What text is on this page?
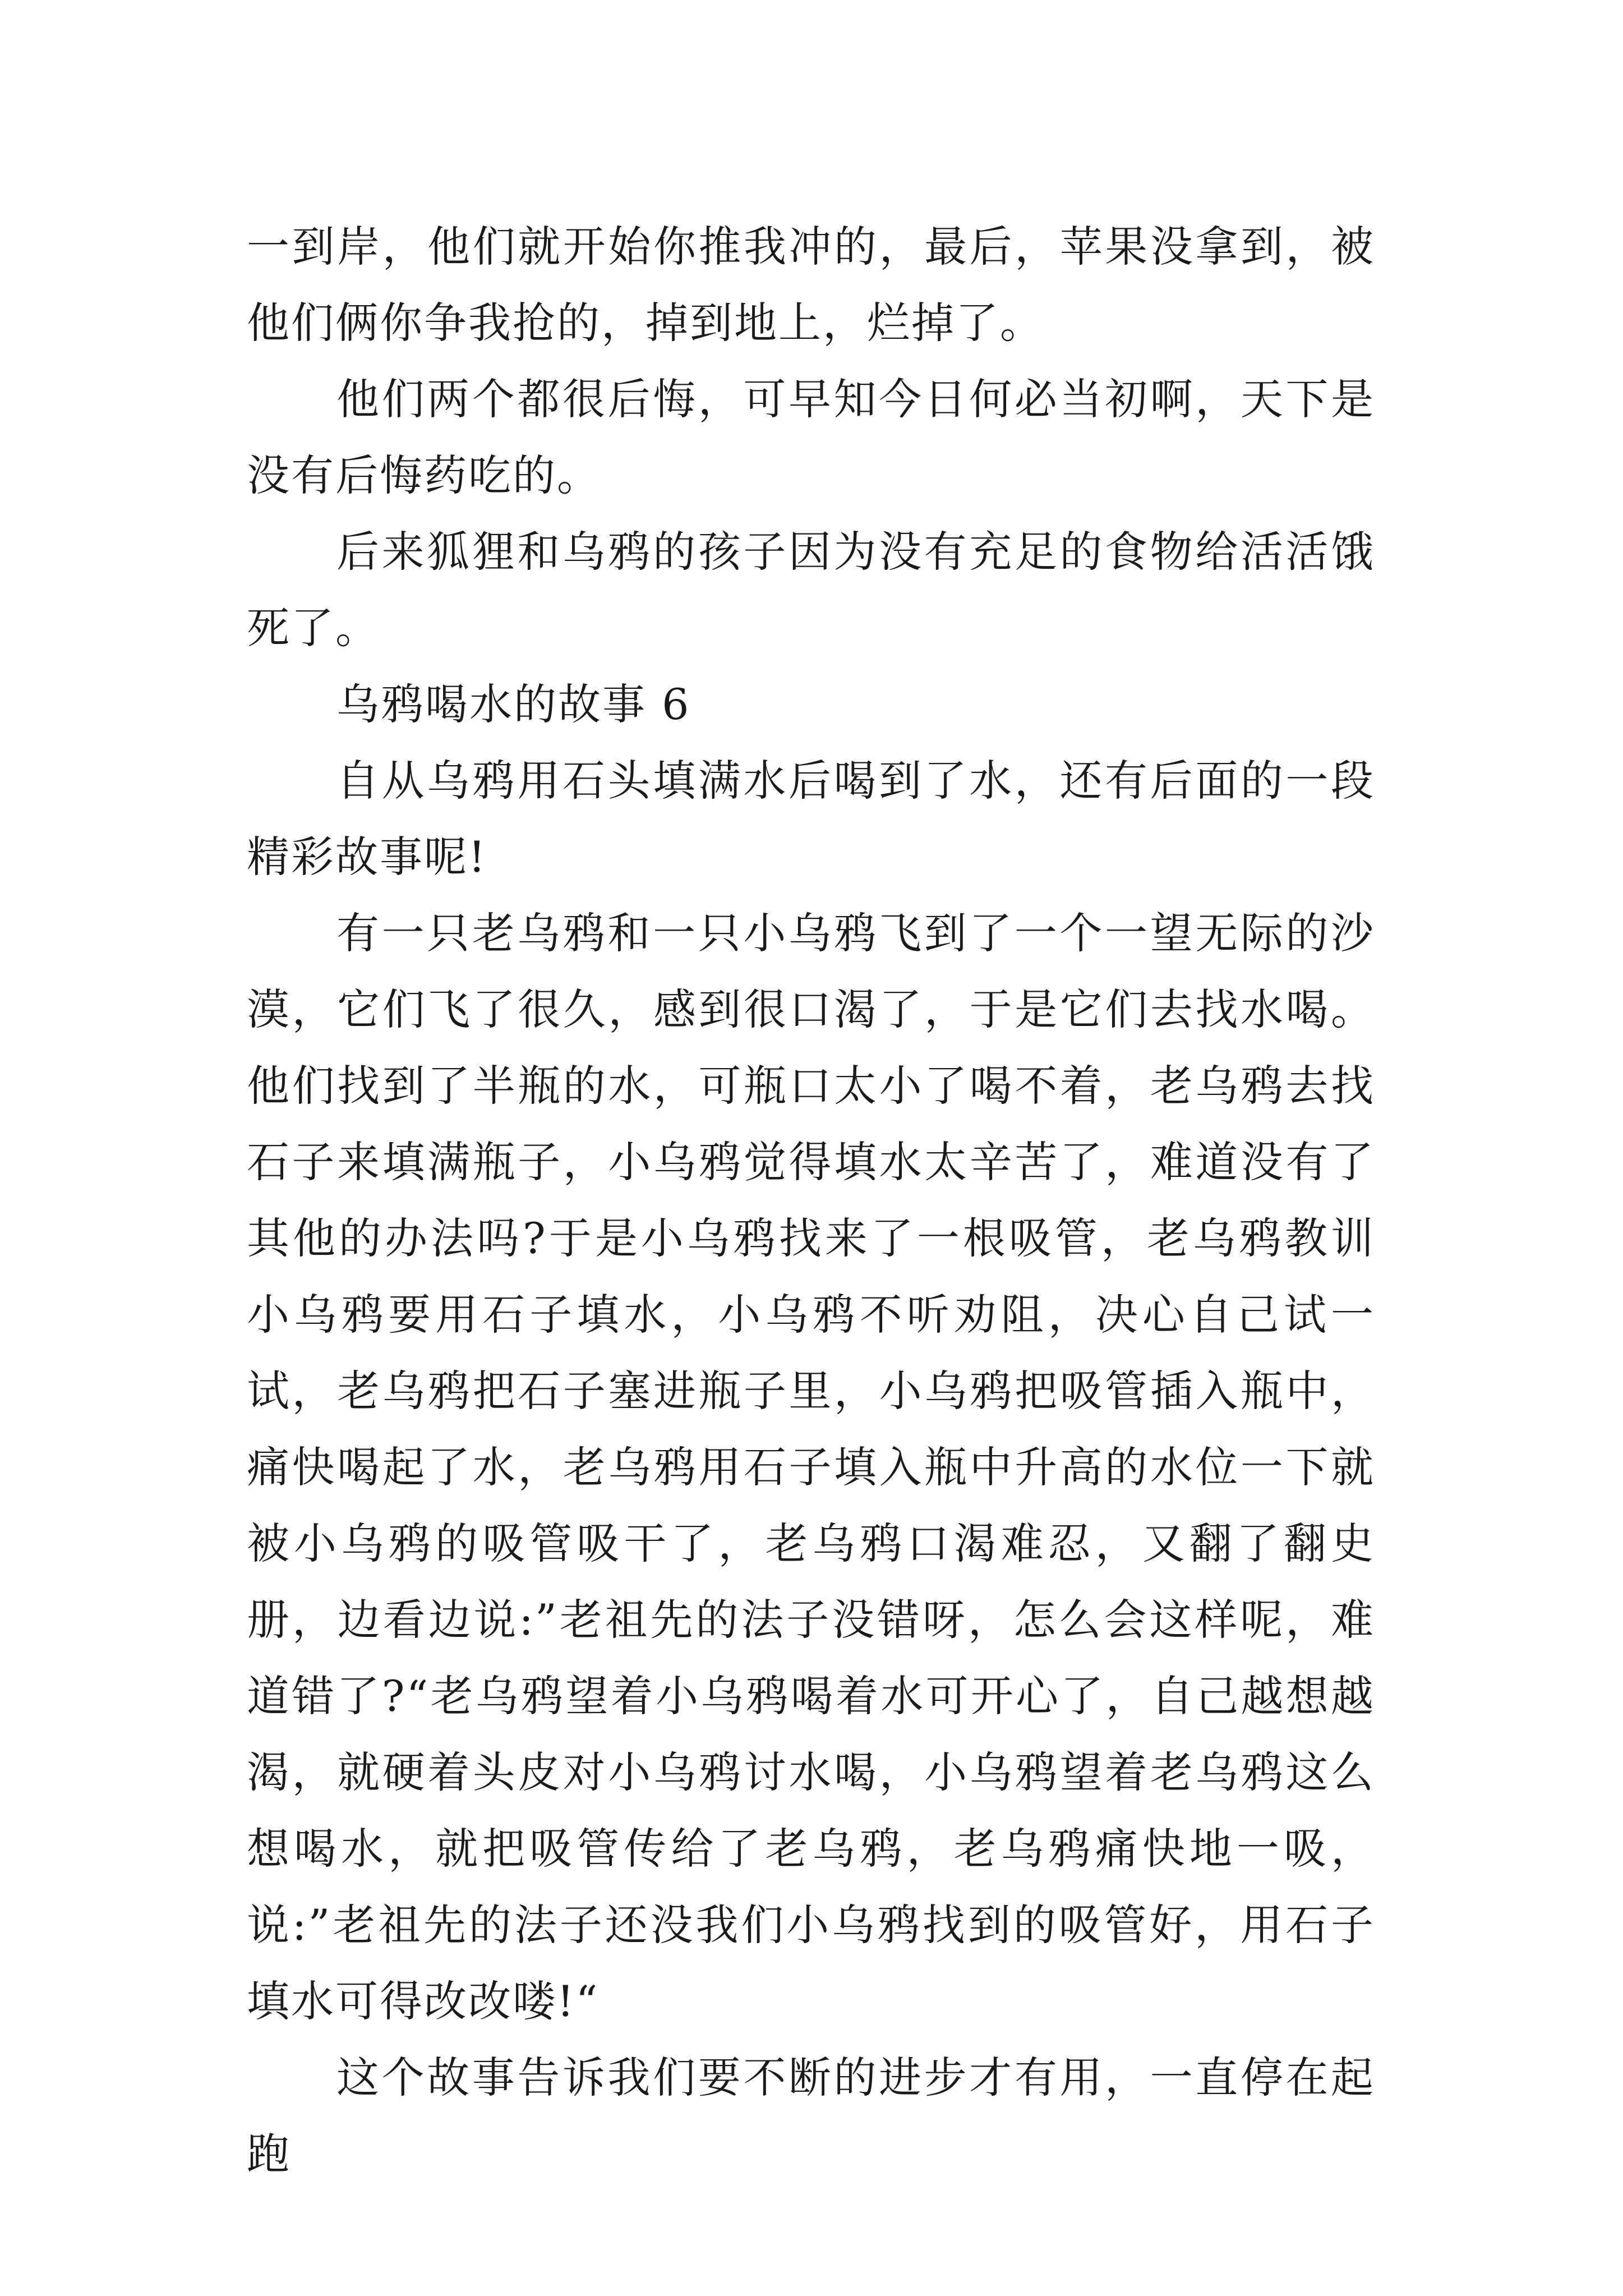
一到岸，他们就开始你推我冲的，最后，苹果没拿到，被他们俩你争我抢的，掉到地上，烂掉了。

他们两个都很后悔，可早知今日何必当初啊，天下是没有后悔药吃的。

后来狐狸和乌鸦的孩子因为没有充足的食物给活活饿死了。

乌鸦喝水的故事 6

自从乌鸦用石头填满水后喝到了水，还有后面的一段精彩故事呢!

有一只老乌鸦和一只小乌鸦飞到了一个一望无际的沙漠，它们飞了很久，感到很口渴了，于是它们去找水喝。他们找到了半瓶的水，可瓶口太小了喝不着，老乌鸦去找石子来填满瓶子，小乌鸦觉得填水太辛苦了，难道没有了其他的办法吗?于是小乌鸦找来了一根吸管，老乌鸦教训小乌鸦要用石子填水，小乌鸦不听劝阻，决心自己试一试，老乌鸦把石子塞进瓶子里，小乌鸦把吸管插入瓶中，痛快喝起了水，老乌鸦用石子填入瓶中升高的水位一下就被小乌鸦的吸管吸干了，老乌鸦口渴难忍，又翻了翻史册，边看边说:”老祖先的法子没错呀，怎么会这样呢，难道错了?“老乌鸦望着小乌鸦喝着水可开心了，自己越想越渴，就硬着头皮对小乌鸦讨水喝，小乌鸦望着老乌鸦这么想喝水，就把吸管传给了老乌鸦，老乌鸦痛快地一吸，说:”老祖先的法子还没我们小乌鸦找到的吸管好，用石子填水可得改改喽!“

这个故事告诉我们要不断的进步才有用，一直停在起跑
